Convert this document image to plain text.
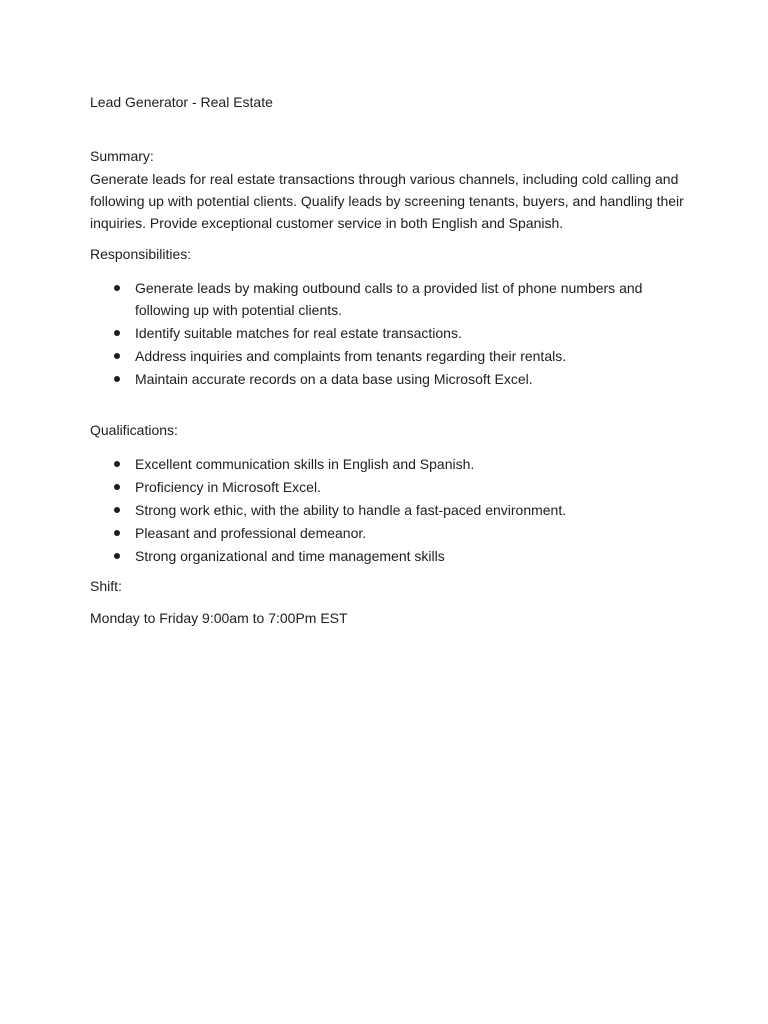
Lead Generator - Real Estate

Summary:

Generate leads for real estate transactions through various channels, including cold calling and following up with potential clients. Qualify leads by screening tenants, buyers, and handling their inquiries. Provide exceptional customer service in both English and Spanish.

Responsibilities:

Generate leads by making outbound calls to a provided list of phone numbers and following up with potential clients.
Identify suitable matches for real estate transactions.
Address inquiries and complaints from tenants regarding their rentals.
Maintain accurate records on a data base using Microsoft Excel.

Qualifications:

Excellent communication skills in English and Spanish.
Proficiency in Microsoft Excel.
Strong work ethic, with the ability to handle a fast-paced environment.
Pleasant and professional demeanor.
Strong organizational and time management skills

Shift:

Monday to Friday 9:00am to 7:00Pm EST
